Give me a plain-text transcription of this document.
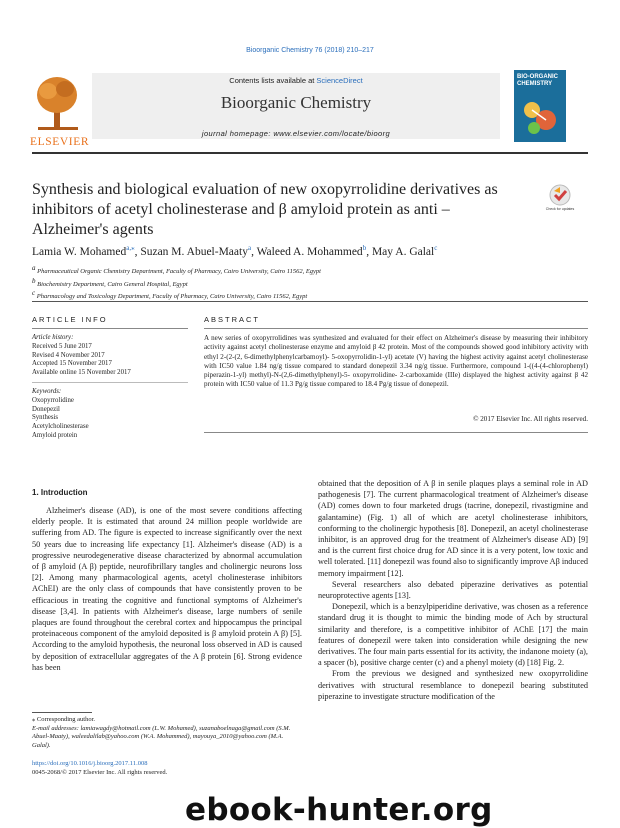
Bioorganic Chemistry 76 (2018) 210–217
ELSEVIER
Contents lists available at ScienceDirect
Bioorganic Chemistry
journal homepage: www.elsevier.com/locate/bioorg
BIO-ORGANIC CHEMISTRY
Synthesis and biological evaluation of new oxopyrrolidine derivatives as inhibitors of acetyl cholinesterase and β amyloid protein as anti – Alzheimer's agents
Check for updates
Lamia W. Mohamed$^{a,⁎}$, Suzan M. Abuel-Maaty$^a$, Waleed A. Mohammed$^b$, May A. Galal$^c$
$^a$ Pharmaceutical Organic Chemistry Department, Faculty of Pharmacy, Cairo University, Cairo 11562, Egypt
$^b$ Biochemistry Department, Cairo General Hospital, Egypt
$^c$ Pharmacology and Toxicology Department, Faculty of Pharmacy, Cairo University, Cairo 11562, Egypt
ARTICLE INFO
Article history:
Received 5 June 2017
Revised 4 November 2017
Accepted 15 November 2017
Available online 15 November 2017
Keywords:
Oxopyrrolidine
Donepezil
Synthesis
Acetylcholinesterase
Amyloid protein
ABSTRACT
A new series of oxopyrrolidines was synthesized and evaluated for their effect on Alzheimer's disease by measuring their inhibitory activity against acetyl cholinesterase enzyme and amyloid β 42 protein. Most of the compounds showed good inhibitory activity with ethyl 2-(2-(2, 6-dimethylphenylcarbamoyl)- 5-oxopyrrolidin-1-yl) acetate (V) having the highest activity against acetyl cholinesterase with IC50 value 1.84 ng/g tissue compared to standard donepezil 3.34 ng/g tissue. Furthermore, compound 1-((4-(4-chlorophenyl) piperazin-1-yl) methyl)-N-(2,6-dimethylphenyl)-5- oxopyrrolidine- 2-carboxamide (IIIe) displayed the highest activity against β 42 protein with IC50 value of 11.3 Pg/g tissue compared to 18.4 Pg/g tissue of donepezil.
© 2017 Elsevier Inc. All rights reserved.
1. Introduction

Alzheimer's disease (AD), is one of the most severe conditions affecting elderly people. It is estimated that around 24 million people worldwide are suffering from AD. The figure is expected to increase significantly over the next 50 years due to increasing life expectancy [1]. Alzheimer's disease (AD) is a progressive neurodegenerative disease characterized by abnormal accumulation of β amyloid (A β) peptide, neurofibrillary tangles and cholinergic neurons loss [2]. Among many pharmacological agents, acetyl cholinesterase inhibitors AChEI) are the only class of compounds that have consistently proven to be efficacious in treating the cognitive and functional symptoms of Alzheimer's disease [3,4]. In patients with Alzheimer's disease, large numbers of senile plaques are found throughout the cerebral cortex and hippocampus the principal proteinaceous component of the amyloid deposited is β amyloid protein A β) [5]. According to the amyloid hypothesis, the neuronal loss observed in AD is caused by deposition of extracellular aggregates of the A β protein [6]. Strong evidence has been

obtained that the deposition of A β in senile plaques plays a seminal role in AD pathogenesis [7]. The current pharmacological treatment of Alzheimer's disease (AD) comes down to four marketed drugs (tacrine, donepezil, rivastigmine and galantamine) (Fig. 1) all of which are acetyl cholinesterase inhibitors, conforming to the cholinergic hypothesis [8]. Donepezil, an acetyl cholinesterase inhibitor, is an approved drug for the treatment of Alzheimer's disease AD) [9] and is the current first choice drug for AD since it is a very potent, low toxic and well tolerated. [11] donepezil was found also to significantly improve Aβ induced memory impairment [12].

Several researchers also debated piperazine derivatives as potential neuroprotective agents [13].

Donepezil, which is a benzylpiperidine derivative, was chosen as a reference standard drug it is thought to mimic the binding mode of Ach by structural similarity and therefore, is a competitive inhibitor of AChE [17] the main features of donepezil were taken into consideration while designing the new derivatives. The four main parts essential for its activity, the indanone moiety (a), a spacer (b), positive charge center (c) and a phenyl moiety (d) [18] Fig. 2.

From the previous we designed and synthesized new oxopyrrolidine derivatives with structural resemblance to donepezil bearing substituted piperazine to investigate structure modification of the

⁎ Corresponding author.
E-mail addresses: lamiawagdy@hotmail.com (L.W. Mohamed), suzanaboelnaga@gmail.com (S.M. Abuel-Maaty), waleedalilab@yahoo.com (W.A. Mohammed), mayouya_2010@yahoo.com (M.A. Galal).
https://doi.org/10.1016/j.bioorg.2017.11.008
0045-2068/© 2017 Elsevier Inc. All rights reserved.
ebook-hunter.org
